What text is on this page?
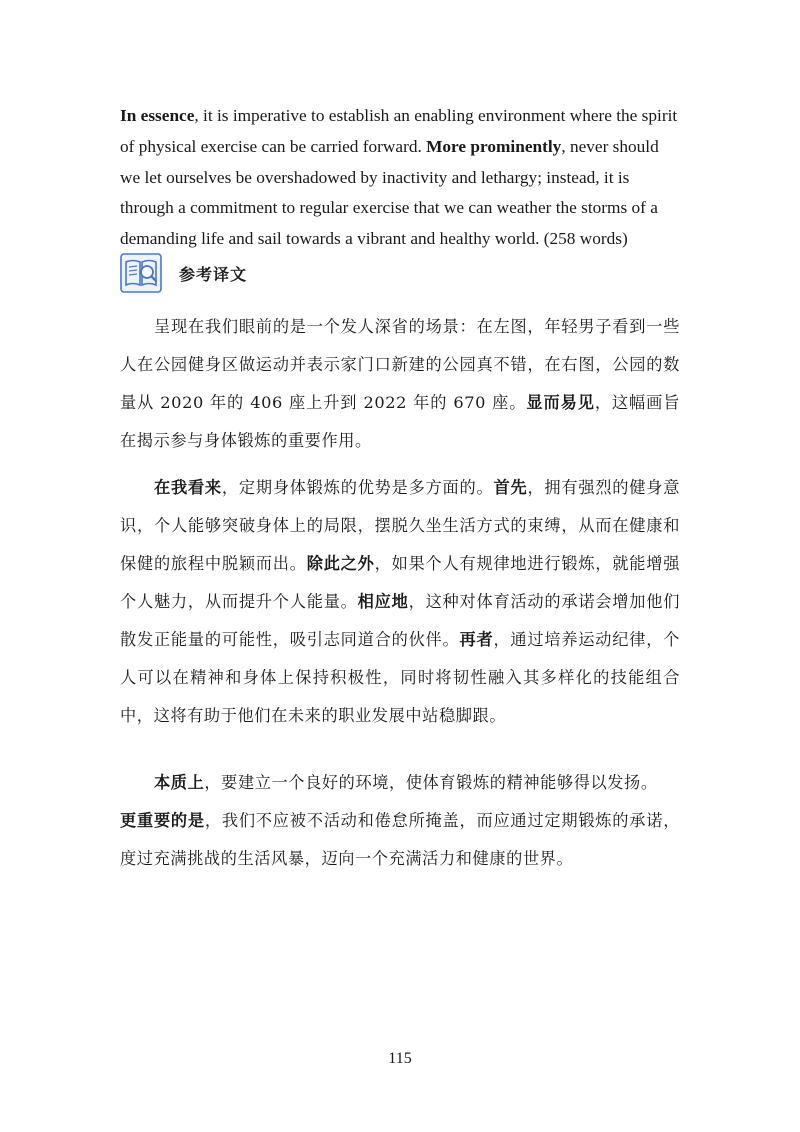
In essence, it is imperative to establish an enabling environment where the spirit of physical exercise can be carried forward. More prominently, never should we let ourselves be overshadowed by inactivity and lethargy; instead, it is through a commitment to regular exercise that we can weather the storms of a demanding life and sail towards a vibrant and healthy world. (258 words)

参考译文

呈现在我们眼前的是一个发人深省的场景：在左图，年轻男子看到一些人在公园健身区做运动并表示家门口新建的公园真不错，在右图，公园的数量从 2020 年的 406 座上升到 2022 年的 670 座。显而易见，这幅画旨在揭示参与身体锻炼的重要作用。

在我看来，定期身体锻炼的优势是多方面的。首先，拥有强烈的健身意识，个人能够突破身体上的局限，摆脱久坐生活方式的束缚，从而在健康和保健的旅程中脱颖而出。除此之外，如果个人有规律地进行锻炼，就能增强个人魅力，从而提升个人能量。相应地，这种对体育活动的承诺会增加他们散发正能量的可能性，吸引志同道合的伙伴。再者，通过培养运动纪律，个人可以在精神和身体上保持积极性，同时将韧性融入其多样化的技能组合中，这将有助于他们在未来的职业发展中站稳脚跟。

本质上，要建立一个良好的环境，使体育锻炼的精神能够得以发扬。
更重要的是，我们不应被不活动和倦怠所掩盖，而应通过定期锻炼的承诺，度过充满挑战的生活风暴，迈向一个充满活力和健康的世界。

115
